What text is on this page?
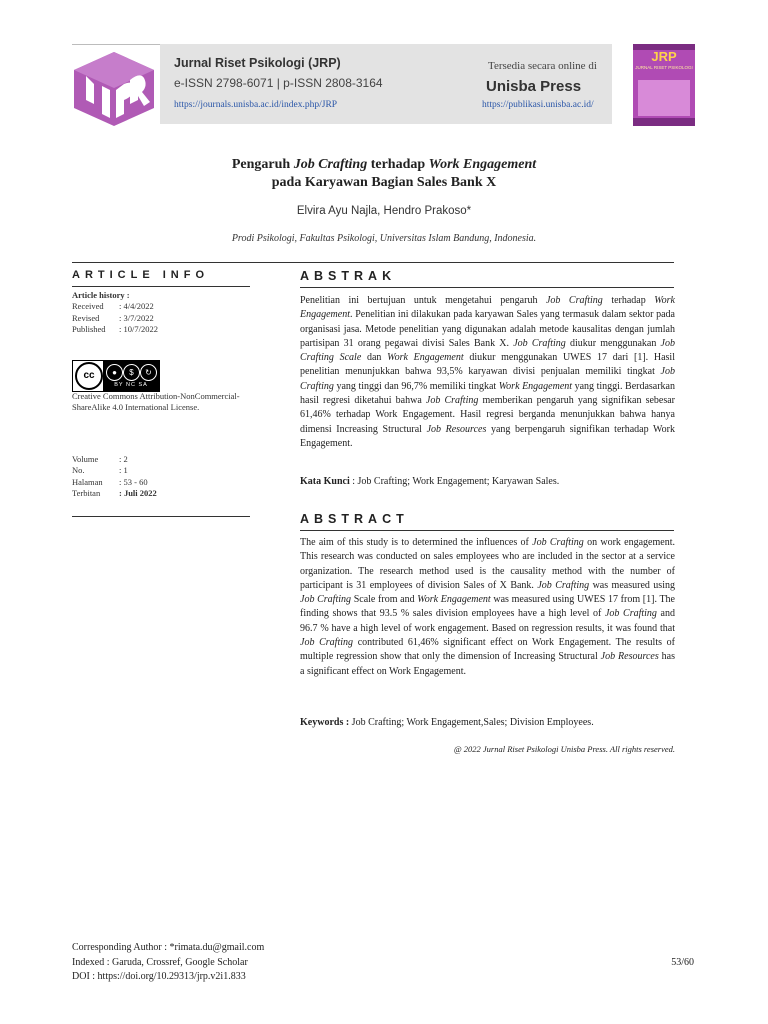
Jurnal Riset Psikologi (JRP)
e-ISSN 2798-6071 | p-ISSN 2808-3164
https://journals.unisba.ac.id/index.php/JRP
Tersedia secara online di
Unisba Press
https://publikasi.unisba.ac.id/
JRP
JURNAL RISET PSIKOLOGI
Pengaruh Job Crafting terhadap Work Engagement
pada Karyawan Bagian Sales Bank X
Elvira Ayu Najla, Hendro Prakoso*
Prodi Psikologi, Fakultas Psikologi, Universitas Islam Bandung, Indonesia.
ARTICLE INFO
Article history :
Received	: 4/4/2022
Revised	: 3/7/2022
Published	: 10/7/2022
cc	●	$	↻
BY NC SA
Creative Commons Attribution-NonCommercial-ShareAlike 4.0 International License.
Volume	: 2
No.	: 1
Halaman	: 53 - 60
Terbitan	: Juli 2022
ABSTRAK
Penelitian ini bertujuan untuk mengetahui pengaruh Job Crafting terhadap Work Engagement. Penelitian ini dilakukan pada karyawan Sales yang termasuk dalam sektor pada organisasi jasa. Metode penelitian yang digunakan adalah metode kausalitas dengan jumlah partisipan 31 orang pegawai divisi Sales Bank X. Job Crafting diukur menggunakan Job Crafting Scale dan Work Engagement diukur menggunakan UWES 17 dari [1]. Hasil penelitian menunjukkan bahwa 93,5% karyawan divisi penjualan memiliki tingkat Job Crafting yang tinggi dan 96,7% memiliki tingkat Work Engagement yang tinggi. Berdasarkan hasil regresi diketahui bahwa Job Crafting memberikan pengaruh yang signifikan sebesar 61,46% terhadap Work Engagement. Hasil regresi berganda menunjukkan bahwa hanya dimensi Increasing Structural Job Resources yang berpengaruh signifikan terhadap Work Engagement.
Kata Kunci : Job Crafting; Work Engagement; Karyawan Sales.
ABSTRACT
The aim of this study is to determined the influences of Job Crafting on work engagement. This research was conducted on sales employees who are included in the sector at a service organization. The research method used is the causality method with the number of participant is 31 employees of division Sales of X Bank. Job Crafting was measured using Job Crafting Scale from and Work Engagement was measured using UWES 17 from [1]. The finding shows that 93.5 % sales division employees have a high level of Job Crafting and 96.7 % have a high level of work engagement. Based on regression results, it was found that Job Crafting contributed 61,46% significant effect on Work Engagement. The results of multiple regression show that only the dimension of Increasing Structural Job Resources has a significant effect on Work Engagement.
Keywords : Job Crafting; Work Engagement,Sales; Division Employees.
@ 2022 Jurnal Riset Psikologi Unisba Press. All rights reserved.
Corresponding Author : *rimata.du@gmail.com
Indexed : Garuda, Crossref, Google Scholar
DOI : https://doi.org/10.29313/jrp.v2i1.833
53/60
